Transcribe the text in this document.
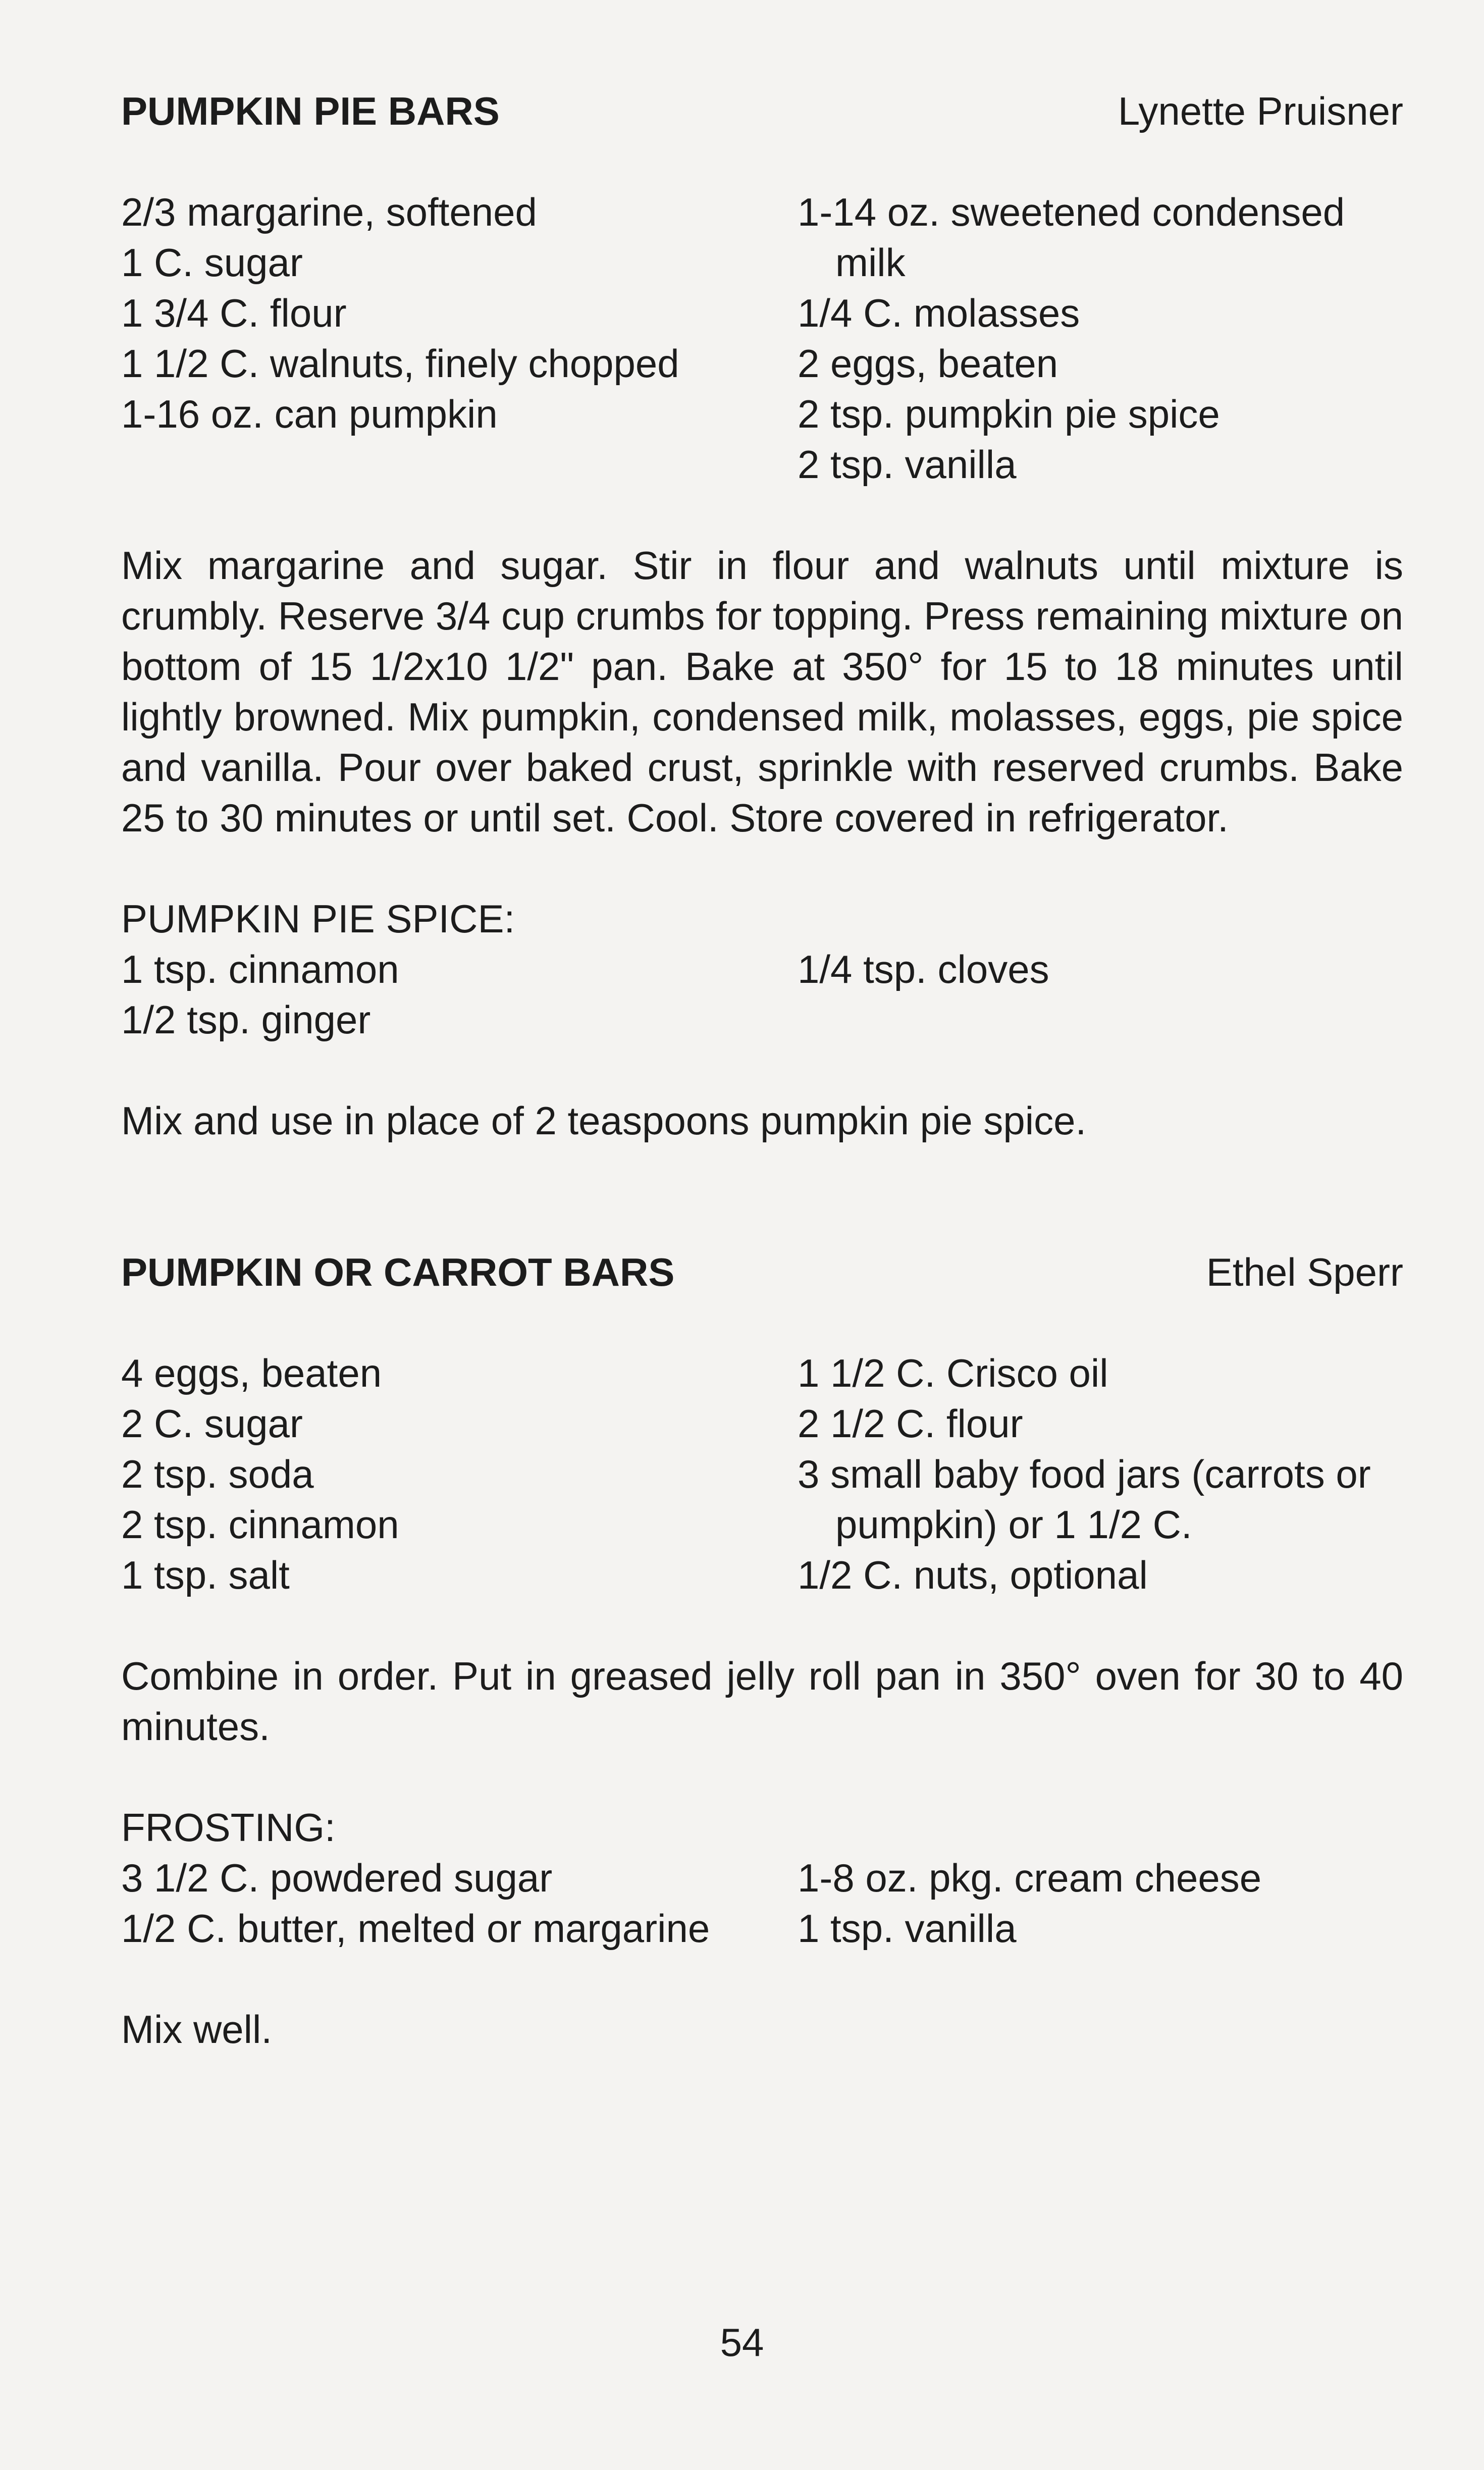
PUMPKIN PIE BARS	Lynette Pruisner
2/3 margarine, softened
1 C. sugar
1 3/4 C. flour
1 1/2 C. walnuts, finely chopped
1-16 oz. can pumpkin
1-14 oz. sweetened condensed milk
1/4 C. molasses
2 eggs, beaten
2 tsp. pumpkin pie spice
2 tsp. vanilla

Mix margarine and sugar. Stir in flour and walnuts until mixture is crumbly. Reserve 3/4 cup crumbs for topping. Press remaining mixture on bottom of 15 1/2x10 1/2" pan. Bake at 350° for 15 to 18 minutes until lightly browned. Mix pumpkin, condensed milk, molasses, eggs, pie spice and vanilla. Pour over baked crust, sprinkle with reserved crumbs. Bake 25 to 30 minutes or until set. Cool. Store covered in refrigerator.

PUMPKIN PIE SPICE:
1 tsp. cinnamon
1/2 tsp. ginger
1/4 tsp. cloves

Mix and use in place of 2 teaspoons pumpkin pie spice.

PUMPKIN OR CARROT BARS	Ethel Sperr
4 eggs, beaten
2 C. sugar
2 tsp. soda
2 tsp. cinnamon
1 tsp. salt
1 1/2 C. Crisco oil
2 1/2 C. flour
3 small baby food jars (carrots or pumpkin) or 1 1/2 C.
1/2 C. nuts, optional

Combine in order. Put in greased jelly roll pan in 350° oven for 30 to 40 minutes.

FROSTING:
3 1/2 C. powdered sugar
1/2 C. butter, melted or margarine
1-8 oz. pkg. cream cheese
1 tsp. vanilla

Mix well.

54
